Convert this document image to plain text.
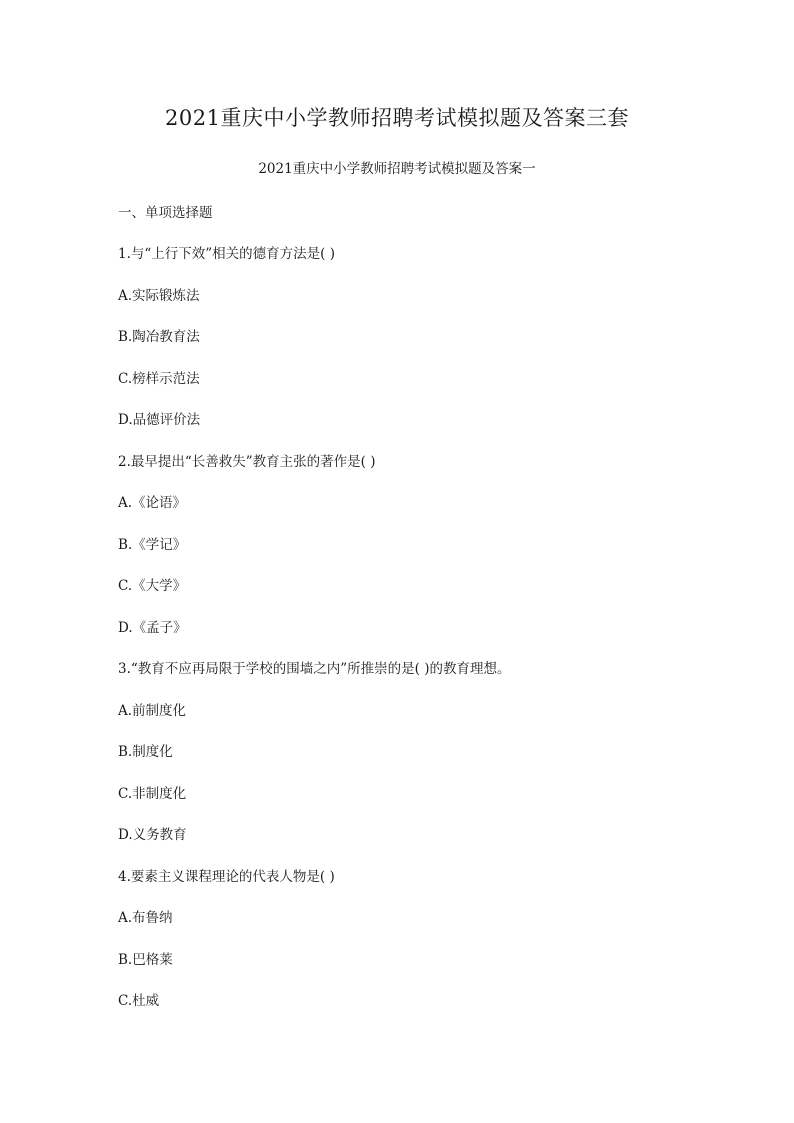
2021重庆中小学教师招聘考试模拟题及答案三套
2021重庆中小学教师招聘考试模拟题及答案一
一、单项选择题
1.与“上行下效”相关的德育方法是( )
A.实际锻炼法
B.陶冶教育法
C.榜样示范法
D.品德评价法
2.最早提出“长善救失”教育主张的著作是( )
A.《论语》
B.《学记》
C.《大学》
D.《孟子》
3.“教育不应再局限于学校的围墙之内”所推崇的是( )的教育理想。
A.前制度化
B.制度化
C.非制度化
D.义务教育
4.要素主义课程理论的代表人物是( )
A.布鲁纳
B.巴格莱
C.杜威
